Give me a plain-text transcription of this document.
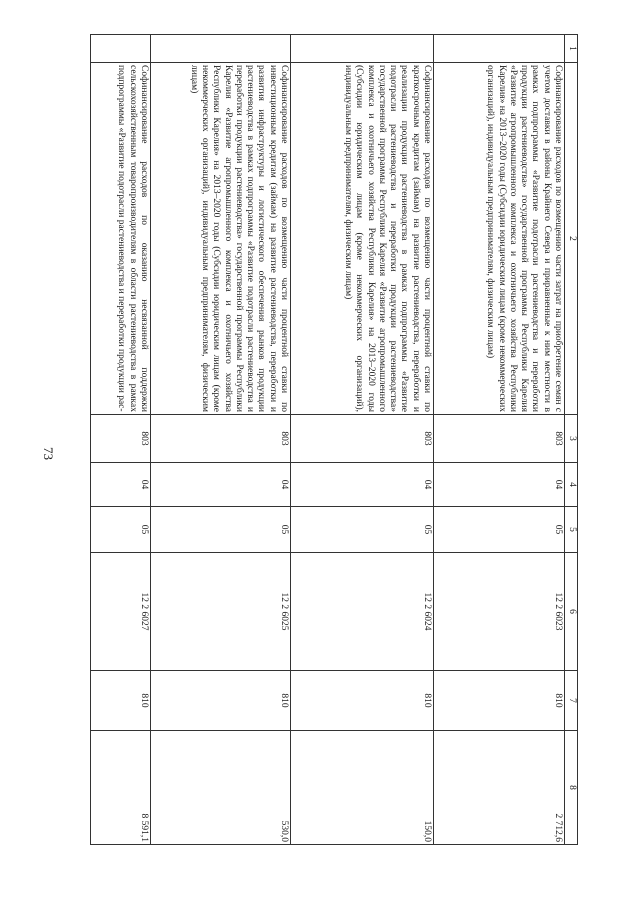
73
1	2	3	4	5	6	7	8
	Софинансирование расходов по возмещению части затрат на приобретение семян с учетом доставки в районы Крайнего Севера и приравненные к ним местности в рамках подпрограммы «Развитие подотрасли растениеводства и переработки продукции растениеводства» государственной программы Республики Карелия «Развитие агропромышленного комплекса и охотничьего хозяйства Республики Карелия» на 2013–2020 годы (Субсидии юридическим лицам (кроме некоммерческих организаций), индивидуальным предпринимателям, физическим лицам)	803	04	05	12 2 6023	810	2 712,6
	Софинансирование расходов по возмещению части процентной ставки по краткосрочным кредитам (займам) на развитие растениеводства, переработки и реализации продукции растениеводства в рамках подпрограммы «Развитие подотрасли растениеводства и переработки продукции растениеводства» государственной программы Республики Карелия «Развитие агропромышленного комплекса и охотничьего хозяйства Республики Карелия» на 2013–2020 годы (Субсидии юридическим лицам (кроме некоммерческих организаций), индивидуальным предпринимателям, физическим лицам)	803	04	05	12 2 6024	810	150,0
	Софинансирование расходов по возмещению части процентной ставки по инвестиционным кредитам (займам) на развитие растениеводства, переработки и развития инфраструктуры и логистического обеспечения рынков продукции растениеводства в рамках подпрограммы «Развитие подотрасли растениеводства и переработки продукции растениеводства» государственной программы Республики Карелия «Развитие агропромышленного комплекса и охотничьего хозяйства Республики Карелия» на 2013–2020 годы (Субсидии юридическим лицам (кроме некоммерческих организаций), индивидуальным предпринимателям, физическим лицам)	803	04	05	12 2 6025	810	530,0
	Софинансирование расходов по оказанию несвязанной поддержки сельскохозяйственным товаропроизводителям в области растениеводства в рамках подпрограммы «Развитие подотрасли растениеводства и переработки продукции рас-	803	04	05	12 2 6027	810	8 591,1
